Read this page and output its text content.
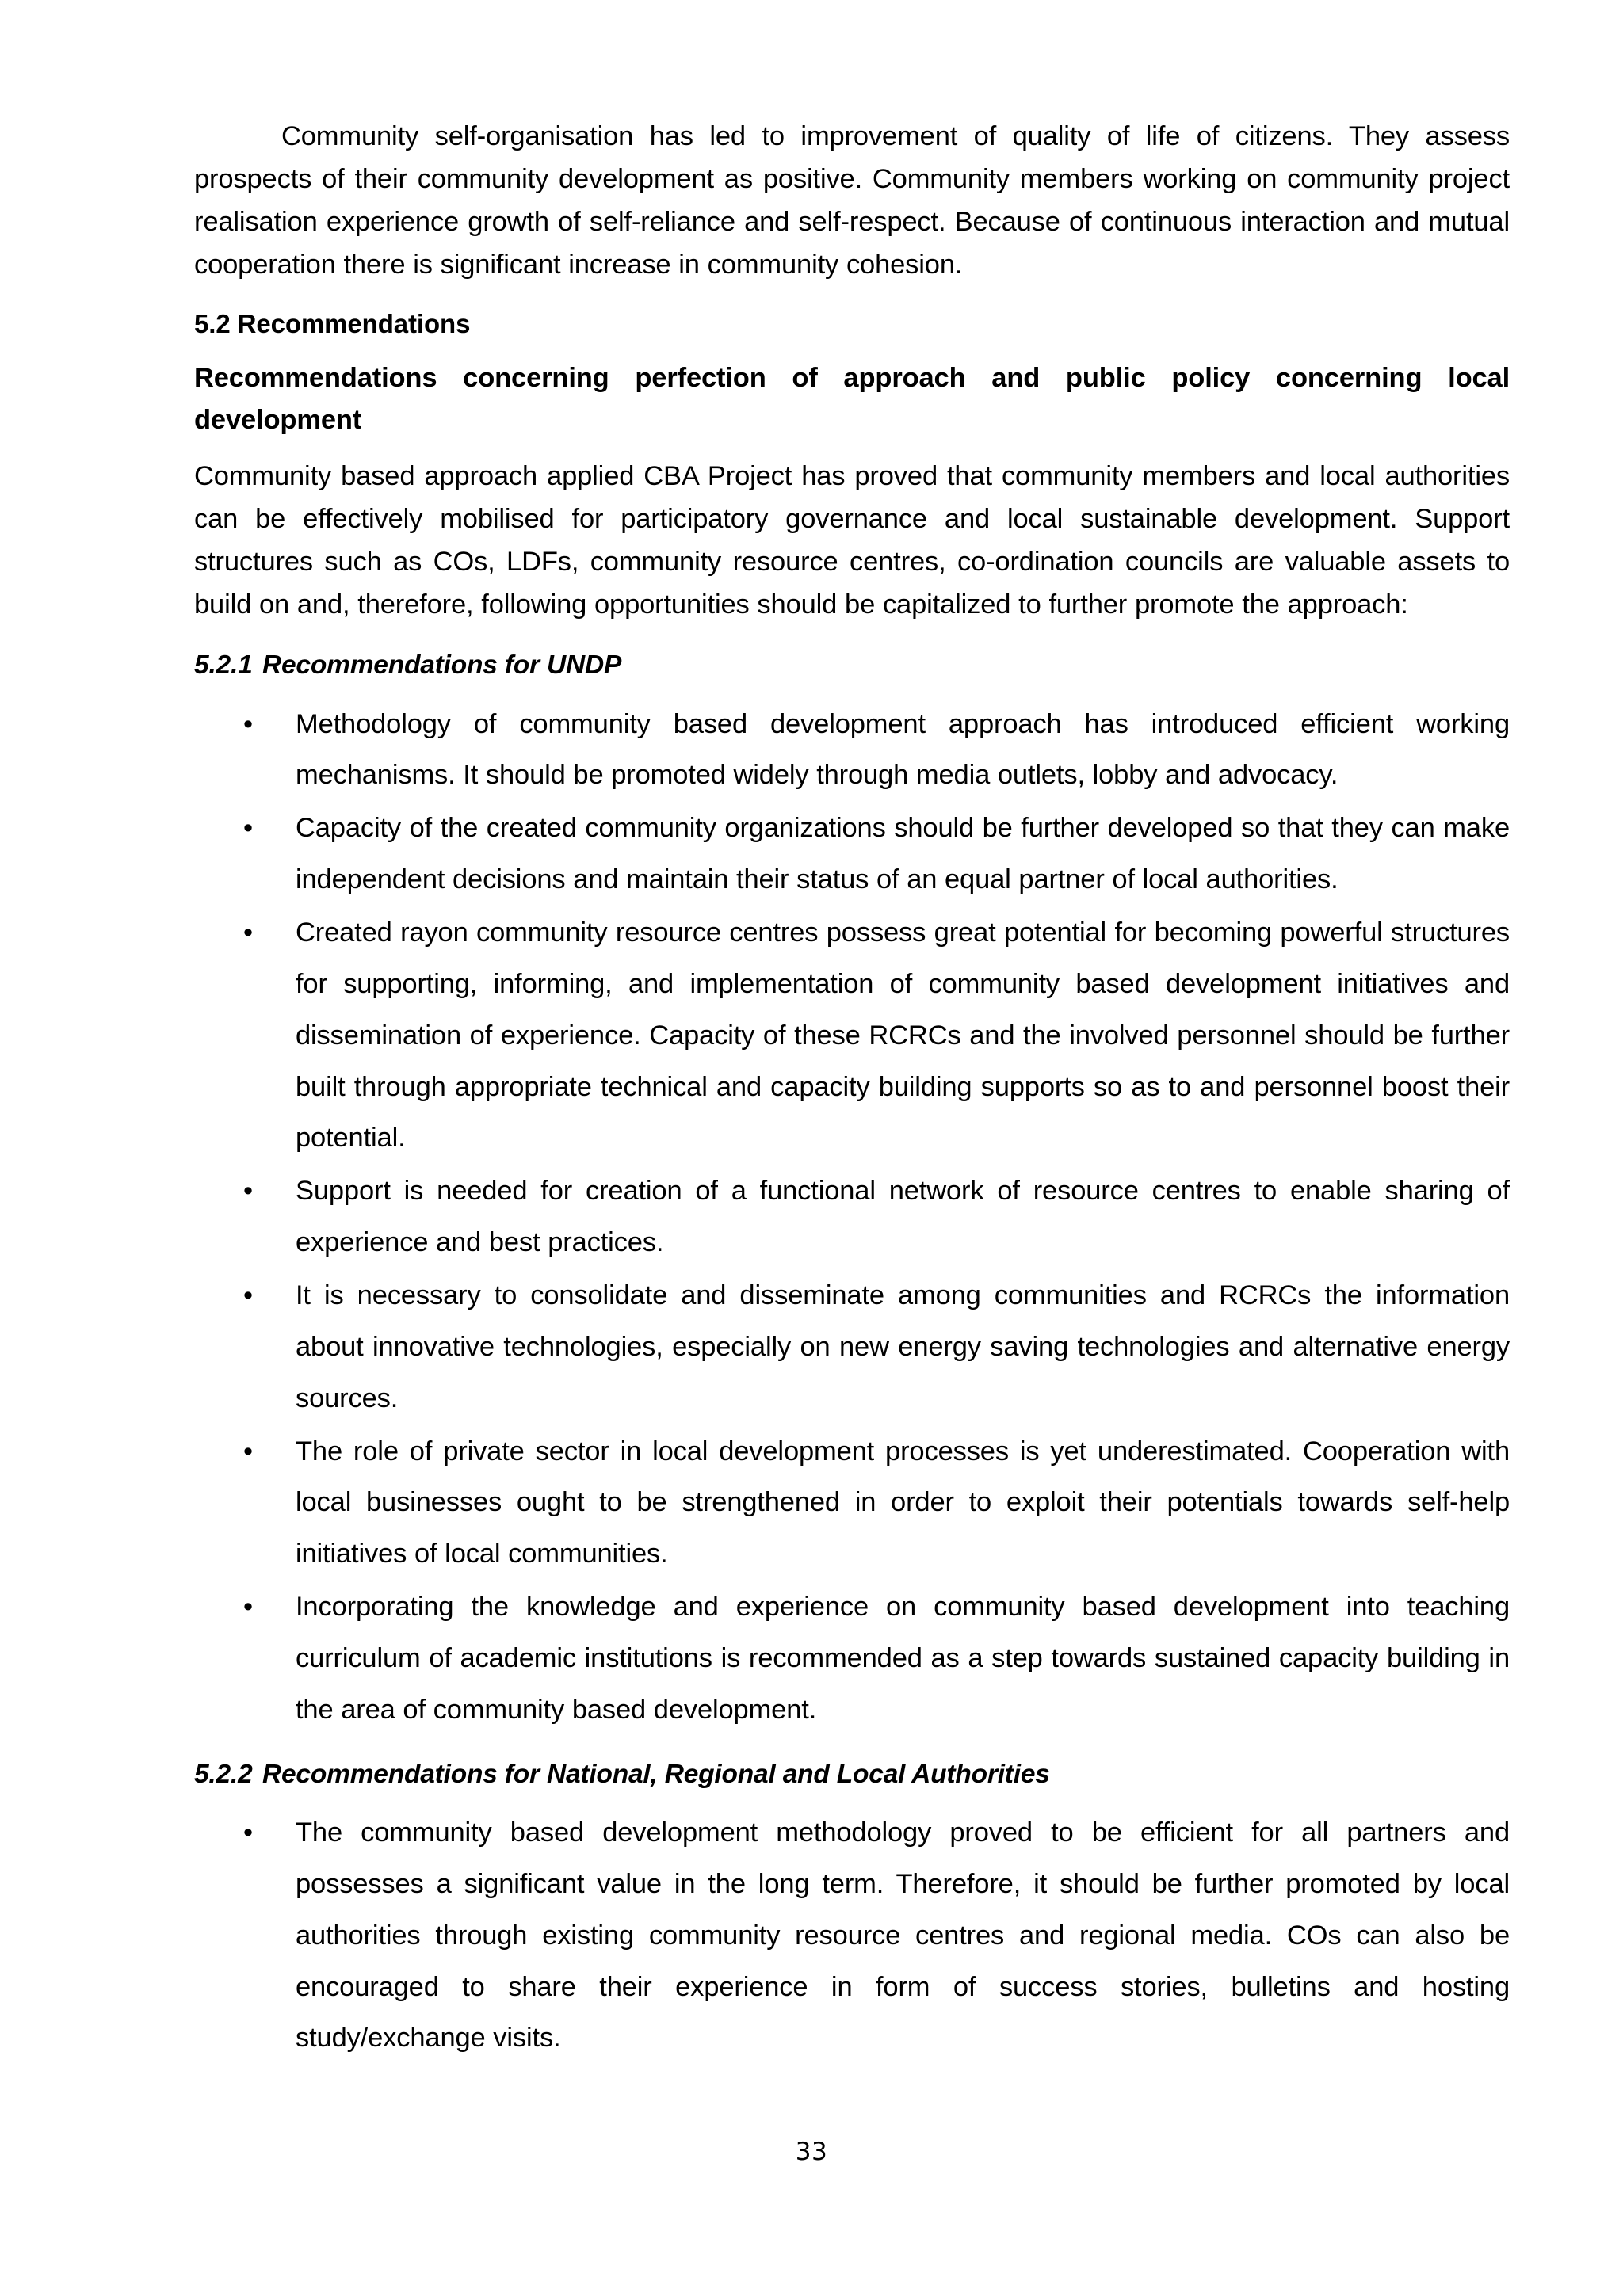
Community self-organisation has led to improvement of quality of life of citizens. They assess prospects of their community development as positive. Community members working on community project realisation experience growth of self-reliance and self-respect. Because of continuous interaction and mutual cooperation there is significant increase in community cohesion.

5.2 Recommendations

Recommendations concerning perfection of approach and public policy concerning local development

Community based approach applied CBA Project has proved that community members and local authorities can be effectively mobilised for participatory governance and local sustainable development. Support structures such as COs, LDFs, community resource centres, co-ordination councils are valuable assets to build on and, therefore, following opportunities should be capitalized to further promote the approach:

5.2.1 Recommendations for UNDP
• Methodology of community based development approach has introduced efficient working mechanisms. It should be promoted widely through media outlets, lobby and advocacy.
• Capacity of the created community organizations should be further developed so that they can make independent decisions and maintain their status of an equal partner of local authorities.
• Created rayon community resource centres possess great potential for becoming powerful structures for supporting, informing, and implementation of community based development initiatives and dissemination of experience. Capacity of these RCRCs and the involved personnel should be further built through appropriate technical and capacity building supports so as to and personnel boost their potential.
• Support is needed for creation of a functional network of resource centres to enable sharing of experience and best practices.
• It is necessary to consolidate and disseminate among communities and RCRCs the information about innovative technologies, especially on new energy saving technologies and alternative energy sources.
• The role of private sector in local development processes is yet underestimated. Cooperation with local businesses ought to be strengthened in order to exploit their potentials towards self-help initiatives of local communities.
• Incorporating the knowledge and experience on community based development into teaching curriculum of academic institutions is recommended as a step towards sustained capacity building in the area of community based development.
5.2.2 Recommendations for National, Regional and Local Authorities
• The community based development methodology proved to be efficient for all partners and possesses a significant value in the long term. Therefore, it should be further promoted by local authorities through existing community resource centres and regional media. COs can also be encouraged to share their experience in form of success stories, bulletins and hosting study/exchange visits.
33
